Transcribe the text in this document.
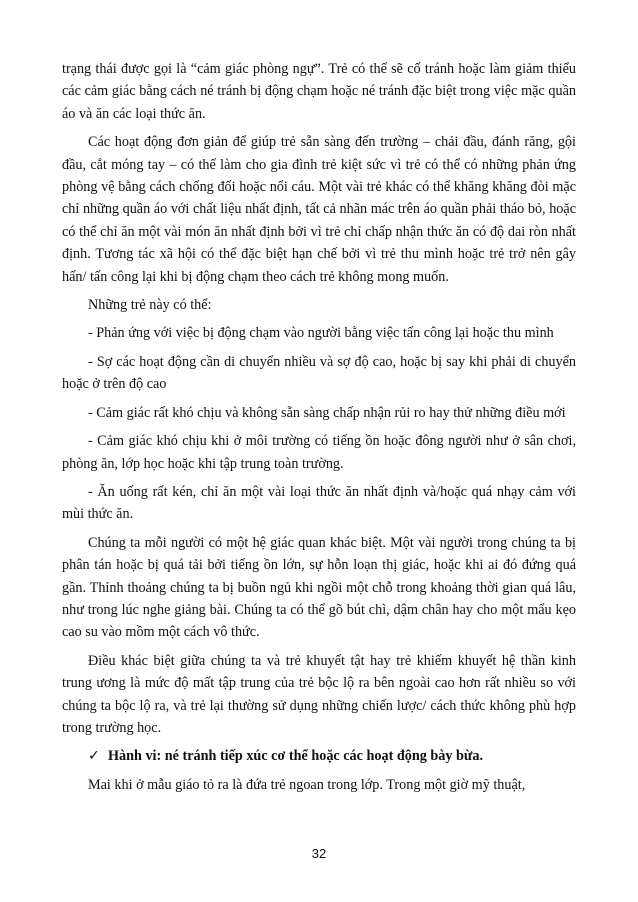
trạng thái được gọi là “cảm giác phòng ngự”. Trẻ có thể sẽ cố tránh hoặc làm giảm thiểu các cảm giác bằng cách né tránh bị động chạm hoặc né tránh đặc biệt trong việc mặc quần áo và ăn các loại thức ăn.

Các hoạt động đơn giản để giúp trẻ sẵn sàng đến trường – chải đầu, đánh răng, gội đầu, cắt móng tay – có thể làm cho gia đình trẻ kiệt sức vì trẻ có thể có những phản ứng phòng vệ bằng cách chống đối hoặc nổi cáu. Một vài trẻ khác có thể khăng khăng đòi mặc chỉ những quần áo với chất liệu nhất định, tất cả nhãn mác trên áo quần phải tháo bỏ, hoặc có thể chỉ ăn một vài món ăn nhất định bởi vì trẻ chỉ chấp nhận thức ăn có độ dai ròn nhất định. Tương tác xã hội có thể đặc biệt hạn chế bởi vì trẻ thu mình hoặc trẻ trở nên gây hấn/ tấn công lại khi bị động chạm theo cách trẻ không mong muốn.

Những trẻ này có thể:

- Phản ứng với việc bị động chạm vào người bằng việc tấn công lại hoặc thu mình

- Sợ các hoạt động cần di chuyển nhiều và sợ độ cao, hoặc bị say khi phải di chuyển hoặc ở trên độ cao

- Cảm giác rất khó chịu và không sẵn sàng chấp nhận rủi ro hay thử những điều mới

- Cảm giác khó chịu khi ở môi trường có tiếng ồn hoặc đông người như ở sân chơi, phòng ăn, lớp học hoặc khi tập trung toàn trường.

- Ăn uống rất kén, chỉ ăn một vài loại thức ăn nhất định và/hoặc quá nhạy cảm với mùi thức ăn.

Chúng ta mỗi người có một hệ giác quan khác biệt. Một vài người trong chúng ta bị phân tán hoặc bị quá tải bởi tiếng ồn lớn, sự hỗn loạn thị giác, hoặc khi ai đó đứng quá gần. Thỉnh thoảng chúng ta bị buồn ngủ khi ngồi một chỗ trong khoảng thời gian quá lâu, như trong lúc nghe giảng bài. Chúng ta có thể gõ bút chì, dậm chân hay cho một mẩu kẹo cao su vào mồm một cách vô thức.

Điều khác biệt giữa chúng ta và trẻ khuyết tật hay trẻ khiếm khuyết hệ thần kinh trung ương là mức độ mất tập trung của trẻ bộc lộ ra bên ngoài cao hơn rất nhiều so với chúng ta bộc lộ ra, và trẻ lại thường sử dụng những chiến lược/ cách thức không phù hợp trong trường học.

✓ Hành vi: né tránh tiếp xúc cơ thể hoặc các hoạt động bày bừa.

Mai khi ở mẫu giáo tỏ ra là đứa trẻ ngoan trong lớp. Trong một giờ mỹ thuật,

32
